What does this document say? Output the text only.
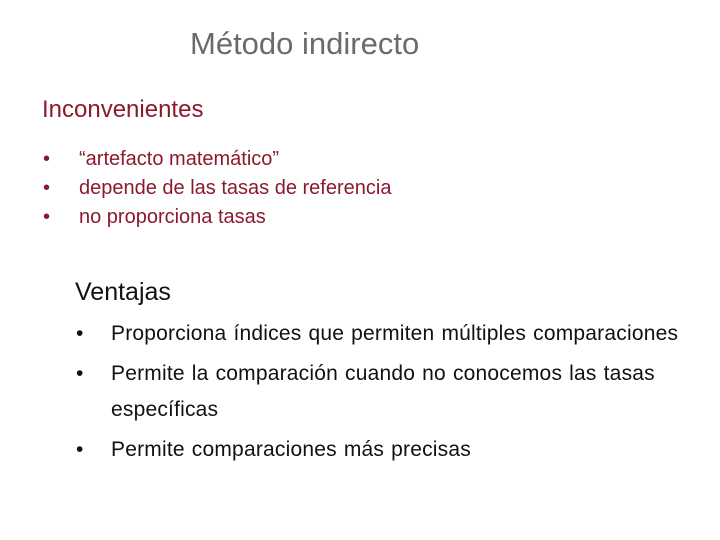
Método indirecto
Inconvenientes
• “artefacto matemático”
• depende de las tasas de referencia
• no proporciona tasas
Ventajas
• Proporciona índices que permiten múltiples comparaciones
• Permite la comparación cuando no conocemos las tasas específicas
• Permite comparaciones más precisas
